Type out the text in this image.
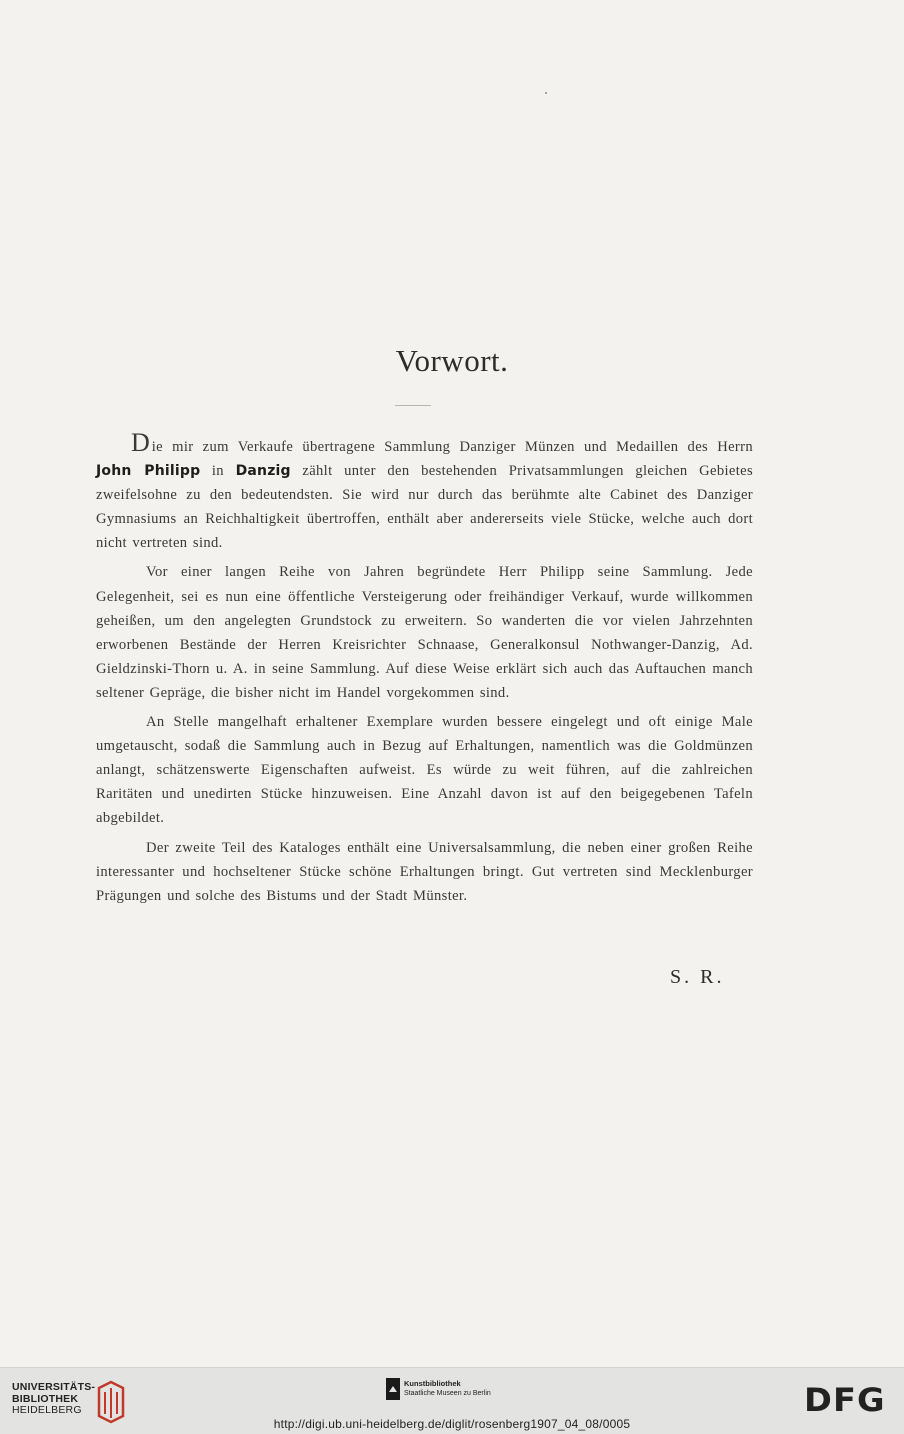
Vorwort.

Die mir zum Verkaufe übertragene Sammlung Danziger Münzen und Medaillen des Herrn John Philipp in Danzig zählt unter den bestehenden Privatsammlungen gleichen Gebietes zweifelsohne zu den bedeutendsten. Sie wird nur durch das berühmte alte Cabinet des Danziger Gymnasiums an Reichhaltigkeit übertroffen, enthält aber andererseits viele Stücke, welche auch dort nicht vertreten sind.

Vor einer langen Reihe von Jahren begründete Herr Philipp seine Sammlung. Jede Gelegenheit, sei es nun eine öffentliche Versteigerung oder freihändiger Verkauf, wurde willkommen geheißen, um den angelegten Grundstock zu erweitern. So wanderten die vor vielen Jahrzehnten erworbenen Bestände der Herren Kreisrichter Schnaase, Generalkonsul Nothwanger-Danzig, Ad. Gieldzinski-Thorn u. A. in seine Sammlung. Auf diese Weise erklärt sich auch das Auftauchen manch seltener Gepräge, die bisher nicht im Handel vorgekommen sind.

An Stelle mangelhaft erhaltener Exemplare wurden bessere eingelegt und oft einige Male umgetauscht, sodaß die Sammlung auch in Bezug auf Erhaltungen, namentlich was die Goldmünzen anlangt, schätzenswerte Eigenschaften aufweist. Es würde zu weit führen, auf die zahlreichen Raritäten und unedirten Stücke hinzuweisen. Eine Anzahl davon ist auf den beigegebenen Tafeln abgebildet.

Der zweite Teil des Kataloges enthält eine Universalsammlung, die neben einer großen Reihe interessanter und hochseltener Stücke schöne Erhaltungen bringt. Gut vertreten sind Mecklenburger Prägungen und solche des Bistums und der Stadt Münster.

S. R.
UNIVERSITÄTS-
BIBLIOTHEK
HEIDELBERG
Kunstbibliothek
Staatliche Museen zu Berlin	DFG
http://digi.ub.uni-heidelberg.de/diglit/rosenberg1907_04_08/0005
